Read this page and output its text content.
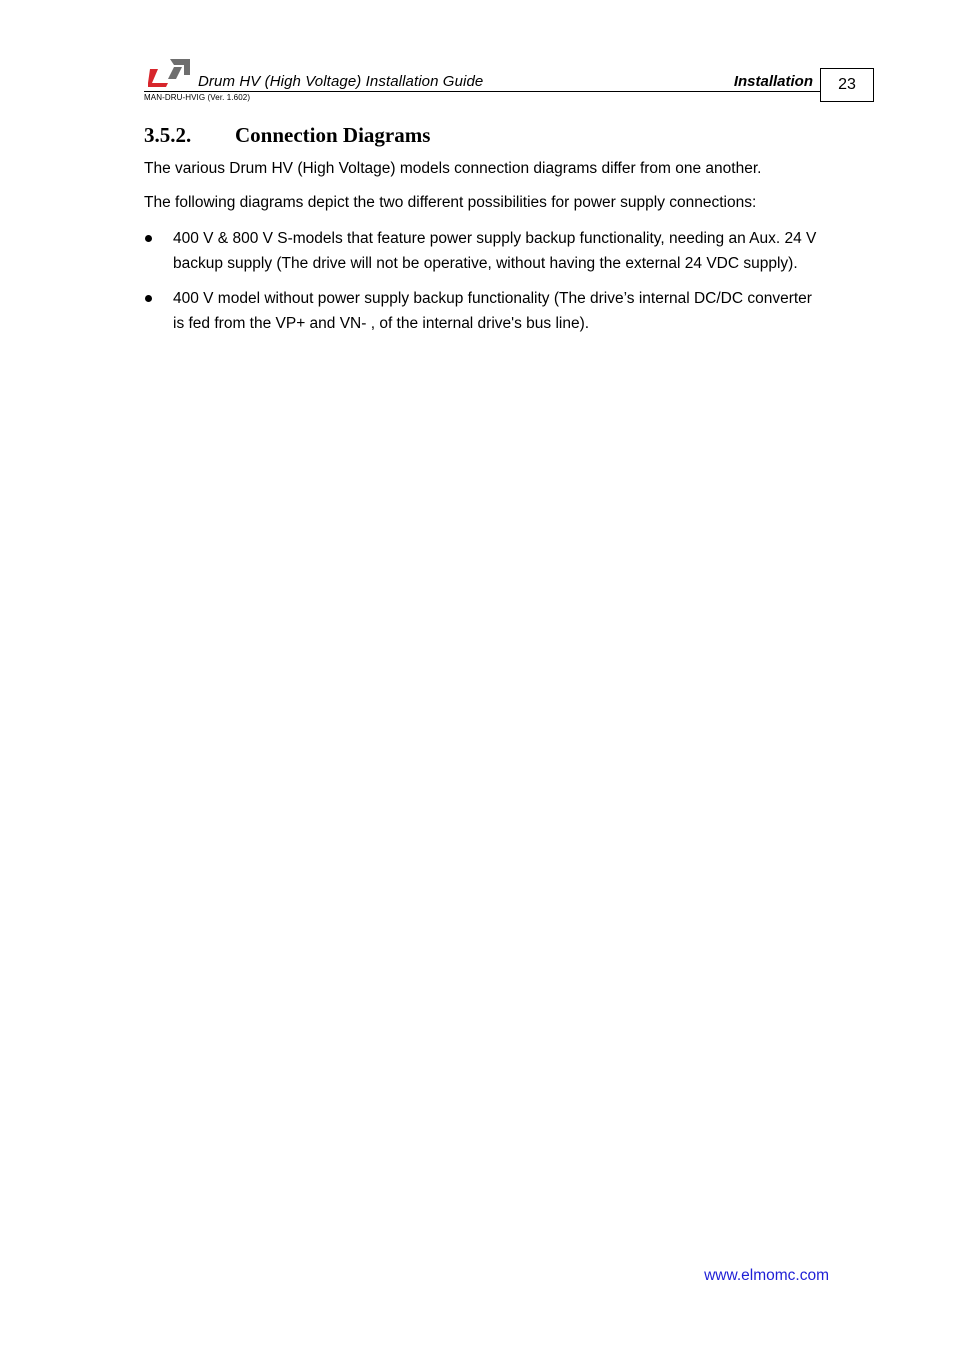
Drum HV (High Voltage) Installation Guide	Installation 23
MAN-DRU-HVIG (Ver. 1.602)
3.5.2. Connection Diagrams

The various Drum HV (High Voltage) models connection diagrams differ from one another.

The following diagrams depict the two different possibilities for power supply connections:

400 V & 800 V S-models that feature power supply backup functionality, needing an Aux. 24 V backup supply (The drive will not be operative, without having the external 24 VDC supply).
400 V model without power supply backup functionality (The drive’s internal DC/DC converter is fed from the VP+ and VN- , of the internal drive's bus line).
www.elmomc.com
